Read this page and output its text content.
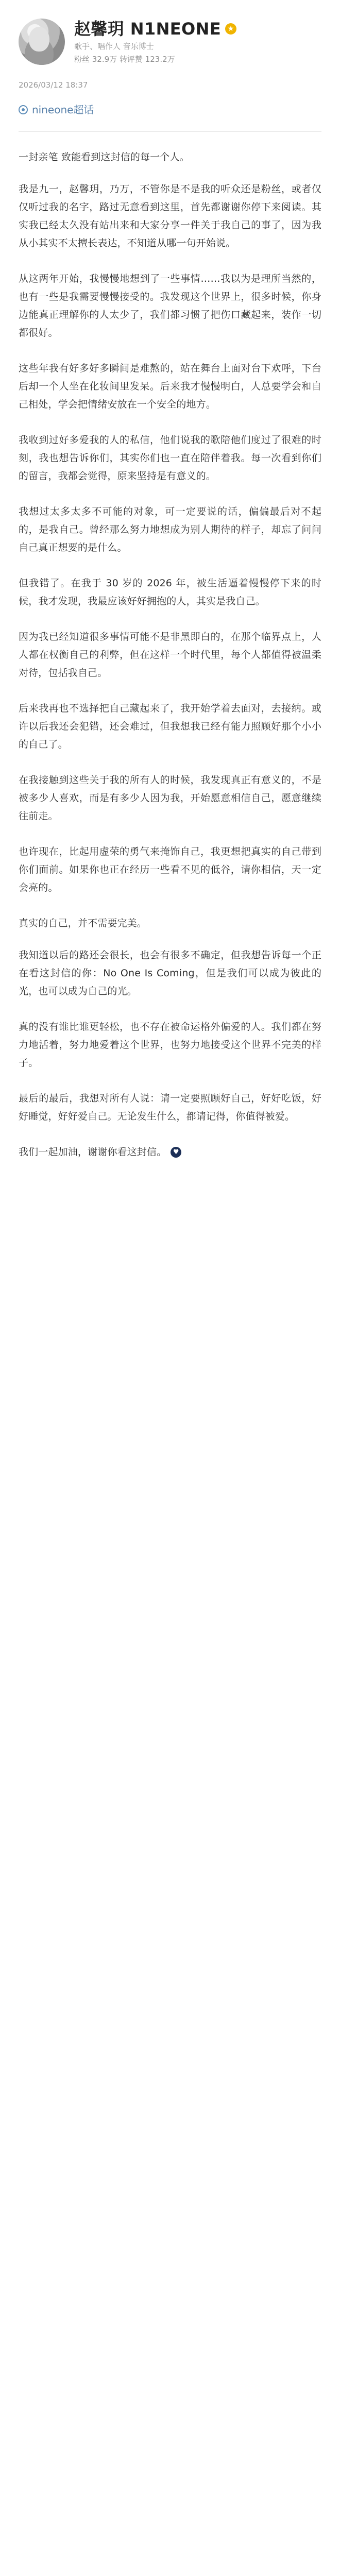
赵馨玥 N1NEONE ★
歌手、唱作人 音乐博士
粉丝 32.9万 转评赞 123.2万
2026/03/12 18:37
nineone超话

一封亲笔 致能看到这封信的每一个人。

我是九一，赵馨玥，乃万，不管你是不是我的听众还是粉丝，或者仅仅听过我的名字，路过无意看到这里，首先都谢谢你停下来阅读。其实我已经太久没有站出来和大家分享一件关于我自己的事了，因为我从小其实不太擅长表达，不知道从哪一句开始说。

从这两年开始，我慢慢地想到了一些事情……我以为是理所当然的，也有一些是我需要慢慢接受的。我发现这个世界上，很多时候，你身边能真正理解你的人太少了，我们都习惯了把伤口藏起来，装作一切都很好。

这些年我有好多好多瞬间是难熬的，站在舞台上面对台下欢呼，下台后却一个人坐在化妆间里发呆。后来我才慢慢明白，人总要学会和自己相处，学会把情绪安放在一个安全的地方。

我收到过好多爱我的人的私信，他们说我的歌陪他们度过了很难的时刻，我也想告诉你们，其实你们也一直在陪伴着我。每一次看到你们的留言，我都会觉得，原来坚持是有意义的。

我想过太多太多不可能的对象，可一定要说的话，偏偏最后对不起的，是我自己。曾经那么努力地想成为别人期待的样子，却忘了问问自己真正想要的是什么。

但我错了。在我于 30 岁的 2026 年，被生活逼着慢慢停下来的时候，我才发现，我最应该好好拥抱的人，其实是我自己。

因为我已经知道很多事情可能不是非黑即白的，在那个临界点上，人人都在权衡自己的利弊，但在这样一个时代里，每个人都值得被温柔对待，包括我自己。

后来我再也不选择把自己藏起来了，我开始学着去面对，去接纳。或许以后我还会犯错，还会难过，但我想我已经有能力照顾好那个小小的自己了。

在我接触到这些关于我的所有人的时候，我发现真正有意义的，不是被多少人喜欢，而是有多少人因为我，开始愿意相信自己，愿意继续往前走。

也许现在，比起用虚荣的勇气来掩饰自己，我更想把真实的自己带到你们面前。如果你也正在经历一些看不见的低谷，请你相信，天一定会亮的。

真实的自己，并不需要完美。

我知道以后的路还会很长，也会有很多不确定，但我想告诉每一个正在看这封信的你：No One Is Coming，但是我们可以成为彼此的光，也可以成为自己的光。

真的没有谁比谁更轻松，也不存在被命运格外偏爱的人。我们都在努力地活着，努力地爱着这个世界，也努力地接受这个世界不完美的样子。

最后的最后，我想对所有人说：请一定要照顾好自己，好好吃饭，好好睡觉，好好爱自己。无论发生什么，都请记得，你值得被爱。

我们一起加油，谢谢你看这封信。 ♥
